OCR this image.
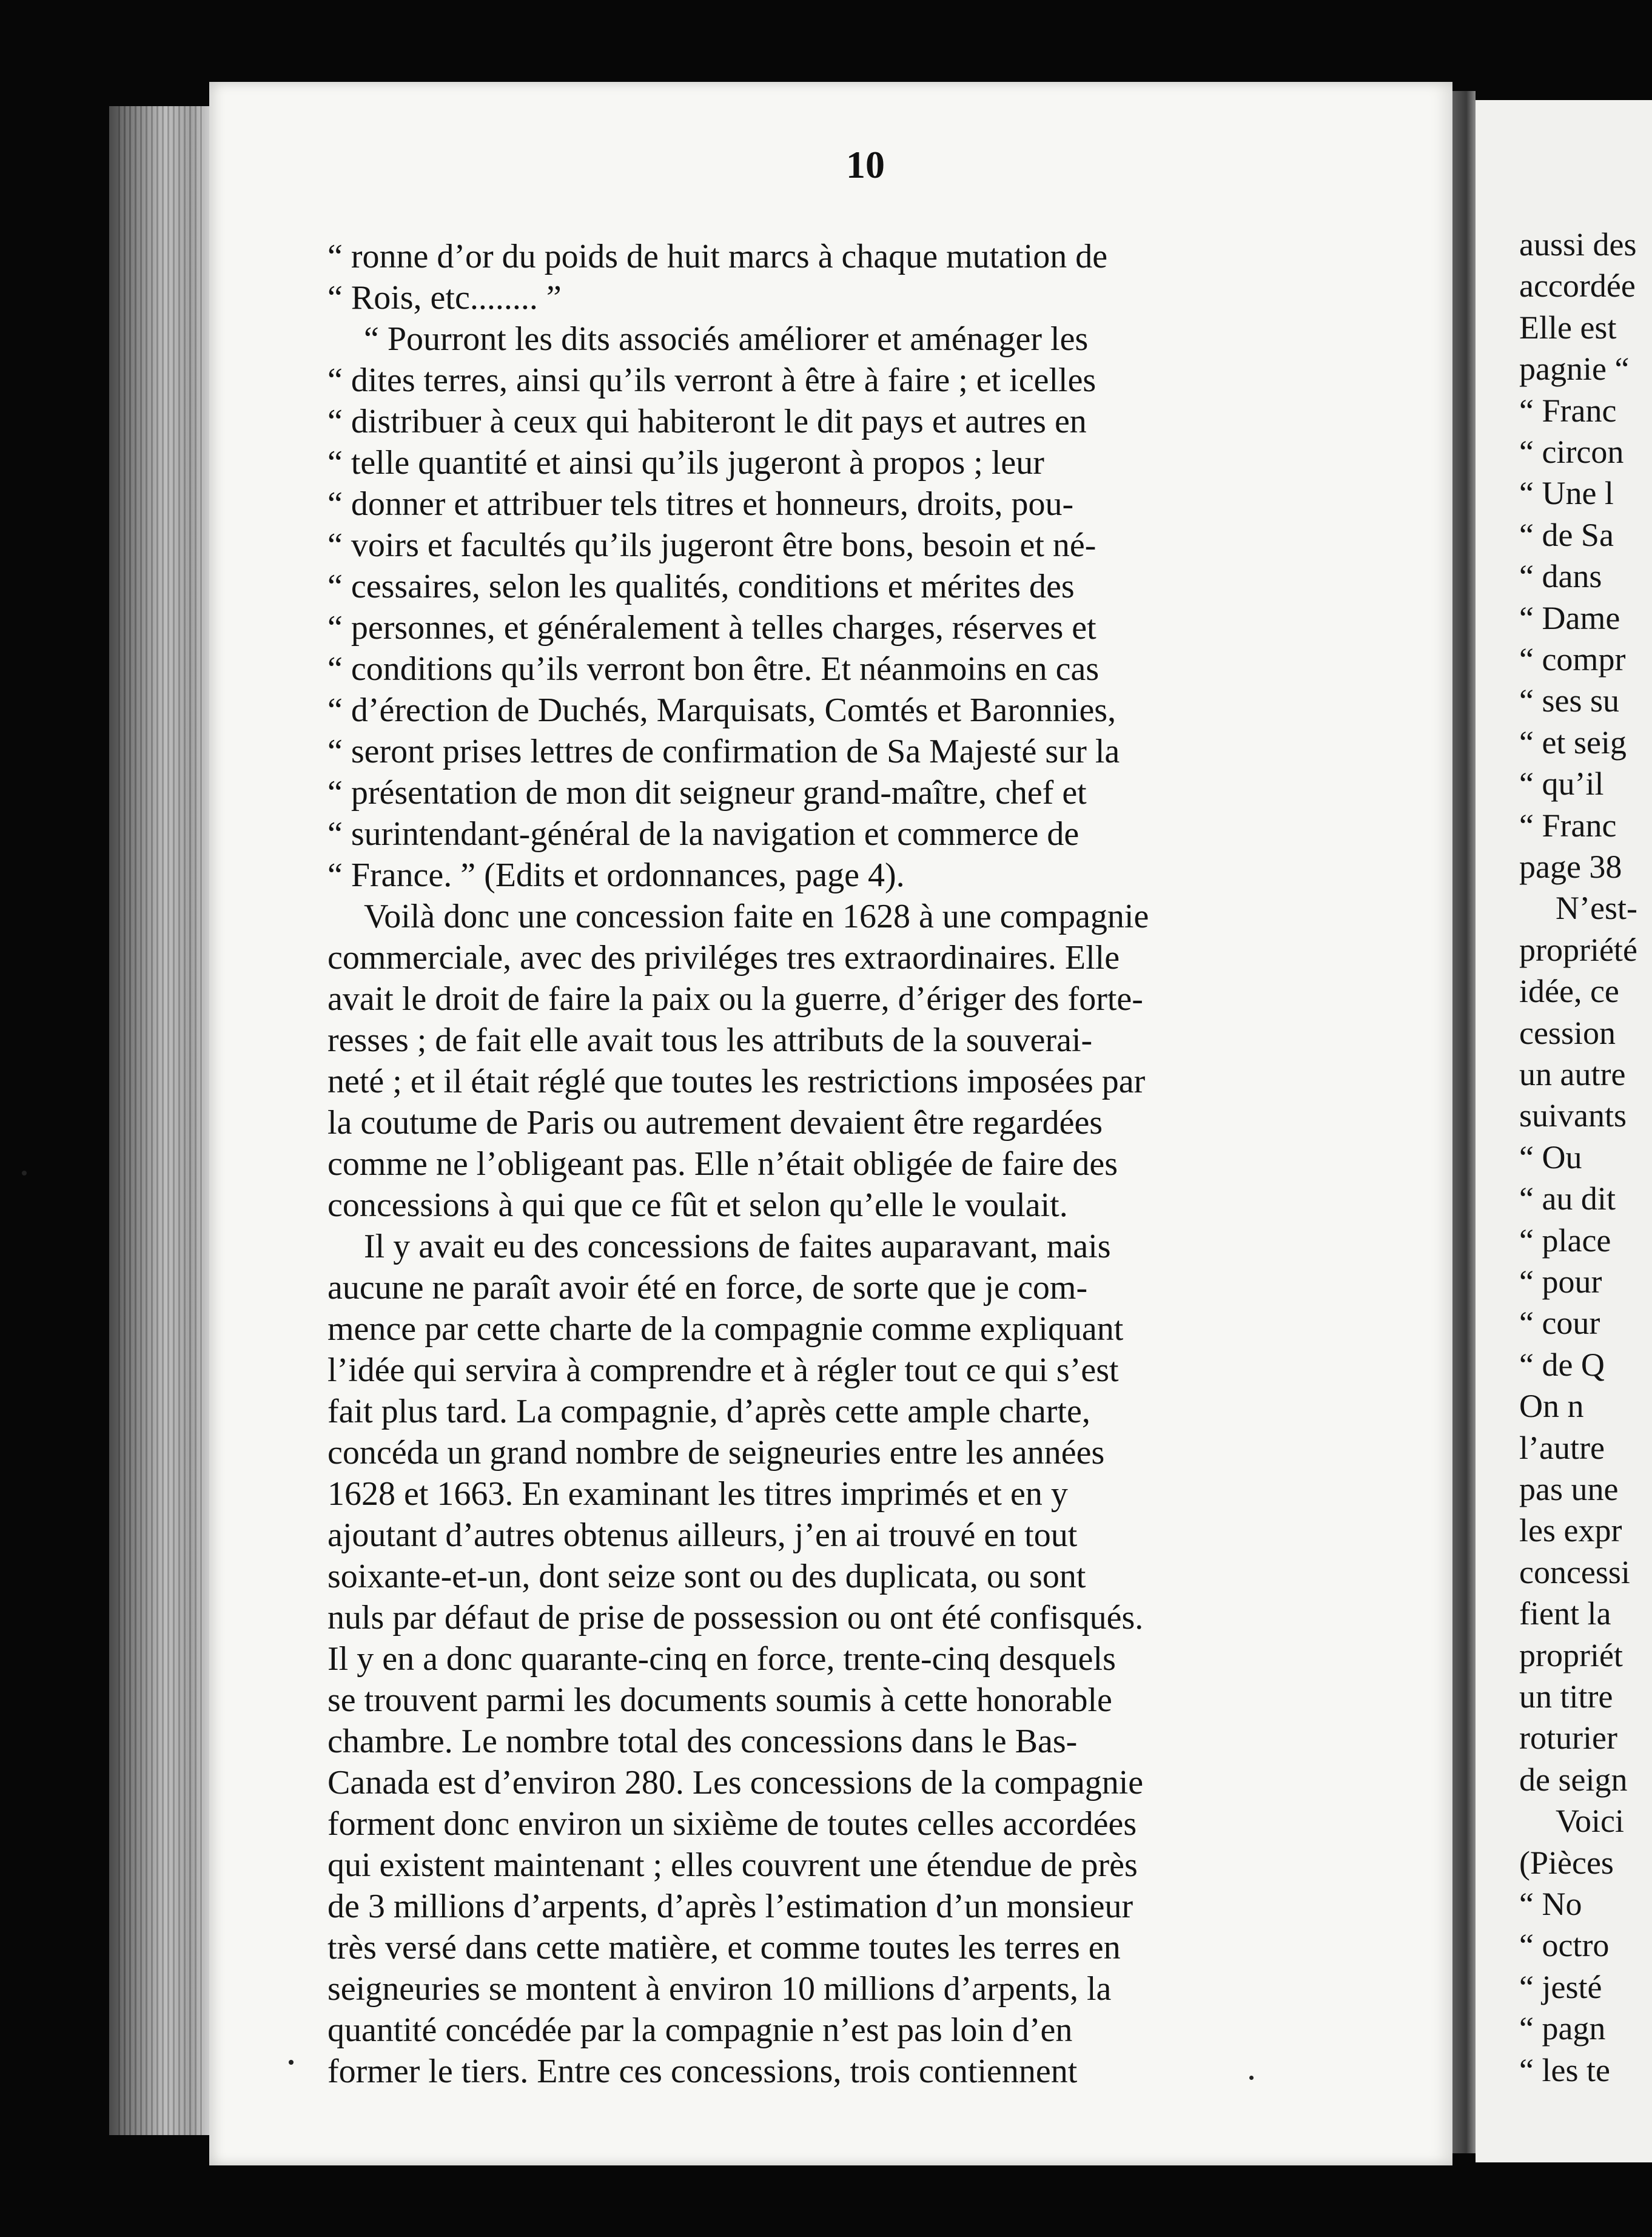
10
“ ronne d’or du poids de huit marcs à chaque mutation de
“ Rois, etc........ ”
“ Pourront les dits associés améliorer et aménager les
“ dites terres, ainsi qu’ils verront à être à faire ; et icelles
“ distribuer à ceux qui habiteront le dit pays et autres en
“ telle quantité et ainsi qu’ils jugeront à propos ; leur
“ donner et attribuer tels titres et honneurs, droits, pou-
“ voirs et facultés qu’ils jugeront être bons, besoin et né-
“ cessaires, selon les qualités, conditions et mérites des
“ personnes, et généralement à telles charges, réserves et
“ conditions qu’ils verront bon être. Et néanmoins en cas
“ d’érection de Duchés, Marquisats, Comtés et Baronnies,
“ seront prises lettres de confirmation de Sa Majesté sur la
“ présentation de mon dit seigneur grand-maître, chef et
“ surintendant-général de la navigation et commerce de
“ France. ” (Edits et ordonnances, page 4).
Voilà donc une concession faite en 1628 à une compagnie
commerciale, avec des priviléges tres extraordinaires. Elle
avait le droit de faire la paix ou la guerre, d’ériger des forte-
resses ; de fait elle avait tous les attributs de la souverai-
neté ; et il était réglé que toutes les restrictions imposées par
la coutume de Paris ou autrement devaient être regardées
comme ne l’obligeant pas. Elle n’était obligée de faire des
concessions à qui que ce fût et selon qu’elle le voulait.
Il y avait eu des concessions de faites auparavant, mais
aucune ne paraît avoir été en force, de sorte que je com-
mence par cette charte de la compagnie comme expliquant
l’idée qui servira à comprendre et à régler tout ce qui s’est
fait plus tard. La compagnie, d’après cette ample charte,
concéda un grand nombre de seigneuries entre les années
1628 et 1663. En examinant les titres imprimés et en y
ajoutant d’autres obtenus ailleurs, j’en ai trouvé en tout
soixante-et-un, dont seize sont ou des duplicata, ou sont
nuls par défaut de prise de possession ou ont été confisqués.
Il y en a donc quarante-cinq en force, trente-cinq desquels
se trouvent parmi les documents soumis à cette honorable
chambre. Le nombre total des concessions dans le Bas-
Canada est d’environ 280. Les concessions de la compagnie
forment donc environ un sixième de toutes celles accordées
qui existent maintenant ; elles couvrent une étendue de près
de 3 millions d’arpents, d’après l’estimation d’un monsieur
très versé dans cette matière, et comme toutes les terres en
seigneuries se montent à environ 10 millions d’arpents, la
quantité concédée par la compagnie n’est pas loin d’en
former le tiers. Entre ces concessions, trois contiennent
aussi des
accordée
Elle est
pagnie “
“ Franc
“ circon
“ Une l
“ de Sa
“ dans
“ Dame
“ compr
“ ses su
“ et seig
“ qu’il
“ Franc
page 38
N’est-
propriété
idée, ce
cession
un autre
suivants
“ Ou
“ au dit
“ place
“ pour
“ cour
“ de Q
On n
l’autre
pas une
les expr
concessi
fient la
propriét
un titre
roturier
de seign
Voici
(Pièces
“ No
“ octro
“ jesté
“ pagn
“ les te
